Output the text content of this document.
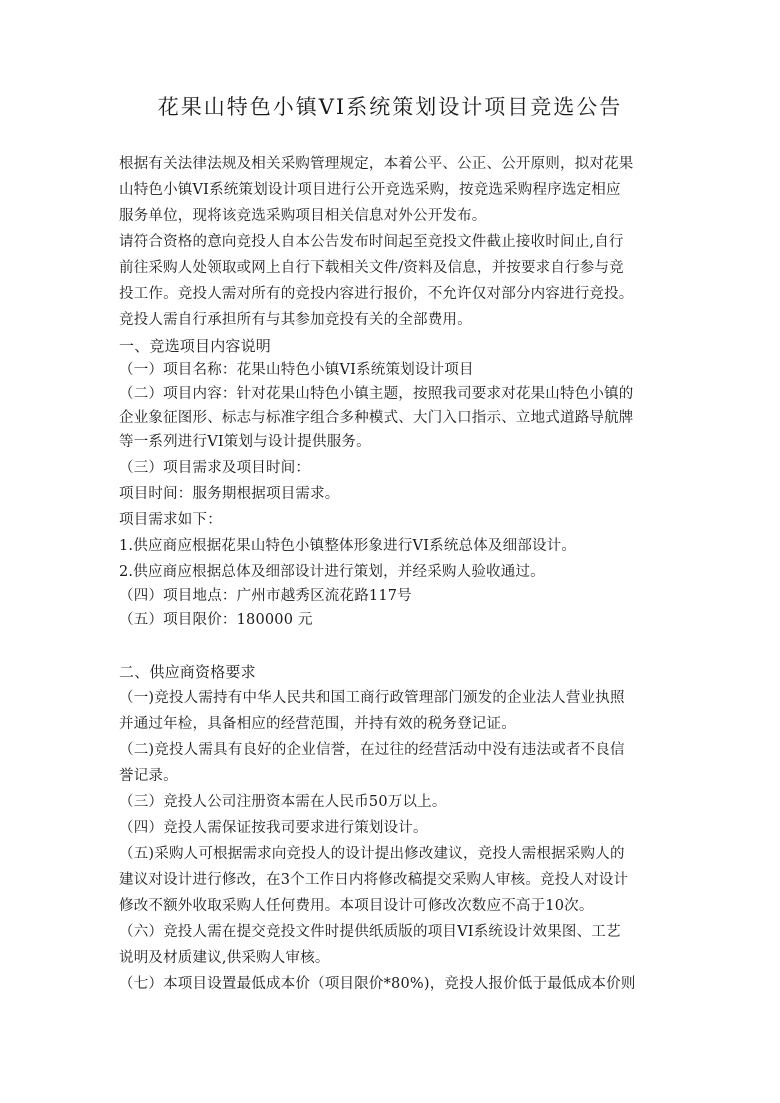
花果山特色小镇VI系统策划设计项目竞选公告
根据有关法律法规及相关采购管理规定，本着公平、公正、公开原则，拟对花果
山特色小镇VI系统策划设计项目进行公开竞选采购，按竞选采购程序选定相应
服务单位，现将该竞选采购项目相关信息对外公开发布。
请符合资格的意向竞投人自本公告发布时间起至竞投文件截止接收时间止,自行
前往采购人处领取或网上自行下载相关文件/资料及信息，并按要求自行参与竞
投工作。竞投人需对所有的竞投内容进行报价，不允许仅对部分内容进行竞投。
竞投人需自行承担所有与其参加竞投有关的全部费用。
一、竞选项目内容说明
（一）项目名称：花果山特色小镇VI系统策划设计项目
（二）项目内容：针对花果山特色小镇主题，按照我司要求对花果山特色小镇的
企业象征图形、标志与标准字组合多种模式、大门入口指示、立地式道路导航牌
等一系列进行VI策划与设计提供服务。
（三）项目需求及项目时间：
项目时间：服务期根据项目需求。
项目需求如下：
1.供应商应根据花果山特色小镇整体形象进行VI系统总体及细部设计。
2.供应商应根据总体及细部设计进行策划，并经采购人验收通过。
（四）项目地点：广州市越秀区流花路117号
（五）项目限价：180000 元
二、供应商资格要求
（一)竞投人需持有中华人民共和国工商行政管理部门颁发的企业法人营业执照
并通过年检，具备相应的经营范围，并持有效的税务登记证。
（二)竞投人需具有良好的企业信誉，在过往的经营活动中没有违法或者不良信
誉记录。
（三）竞投人公司注册资本需在人民币50万以上。
（四）竞投人需保证按我司要求进行策划设计。
（五)采购人可根据需求向竞投人的设计提出修改建议，竞投人需根据采购人的
建议对设计进行修改，在3个工作日内将修改稿提交采购人审核。竞投人对设计
修改不额外收取采购人任何费用。本项目设计可修改次数应不高于10次。
（六）竞投人需在提交竞投文件时提供纸质版的项目VI系统设计效果图、工艺
说明及材质建议,供采购人审核。
（七）本项目设置最低成本价（项目限价*80%)，竞投人报价低于最低成本价则
